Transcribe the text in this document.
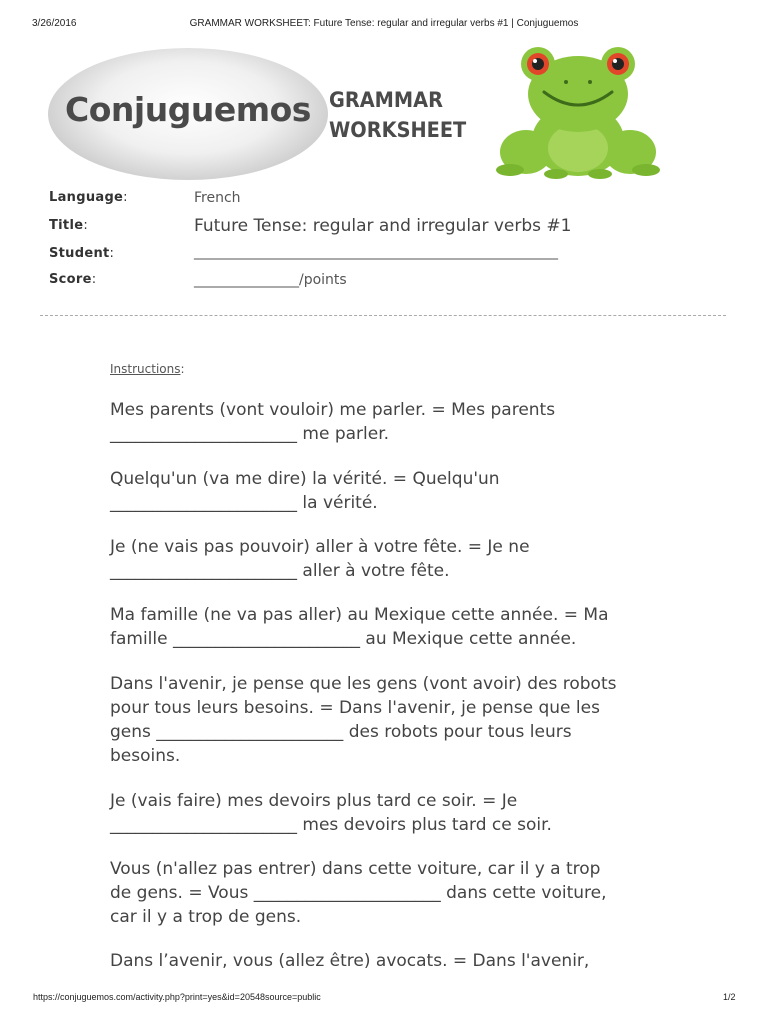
3/26/2016	GRAMMAR WORKSHEET: Future Tense: regular and irregular verbs #1 | Conjuguemos
Conjuguemos GRAMMAR
WORKSHEET
Language:	French
Title:	Future Tense: regular and irregular verbs #1
Student:	____________________________________________________
Score:	_______________/points
Instructions:

Mes parents (vont vouloir) me parler. = Mes parents

______________________ me parler.

Quelqu'un (va me dire) la vérité. = Quelqu'un

______________________ la vérité.

Je (ne vais pas pouvoir) aller à votre fête. = Je ne

______________________ aller à votre fête.

Ma famille (ne va pas aller) au Mexique cette année. = Ma

famille ______________________ au Mexique cette année.

Dans l'avenir, je pense que les gens (vont avoir) des robots

pour tous leurs besoins. = Dans l'avenir, je pense que les

gens ______________________ des robots pour tous leurs

besoins.

Je (vais faire) mes devoirs plus tard ce soir. = Je

______________________ mes devoirs plus tard ce soir.

Vous (n'allez pas entrer) dans cette voiture, car il y a trop

de gens. = Vous ______________________ dans cette voiture,

car il y a trop de gens.

Dans l’avenir, vous (allez être) avocats. = Dans l'avenir,

https://conjuguemos.com/activity.php?print=yes&id=20548source=public	1/2
